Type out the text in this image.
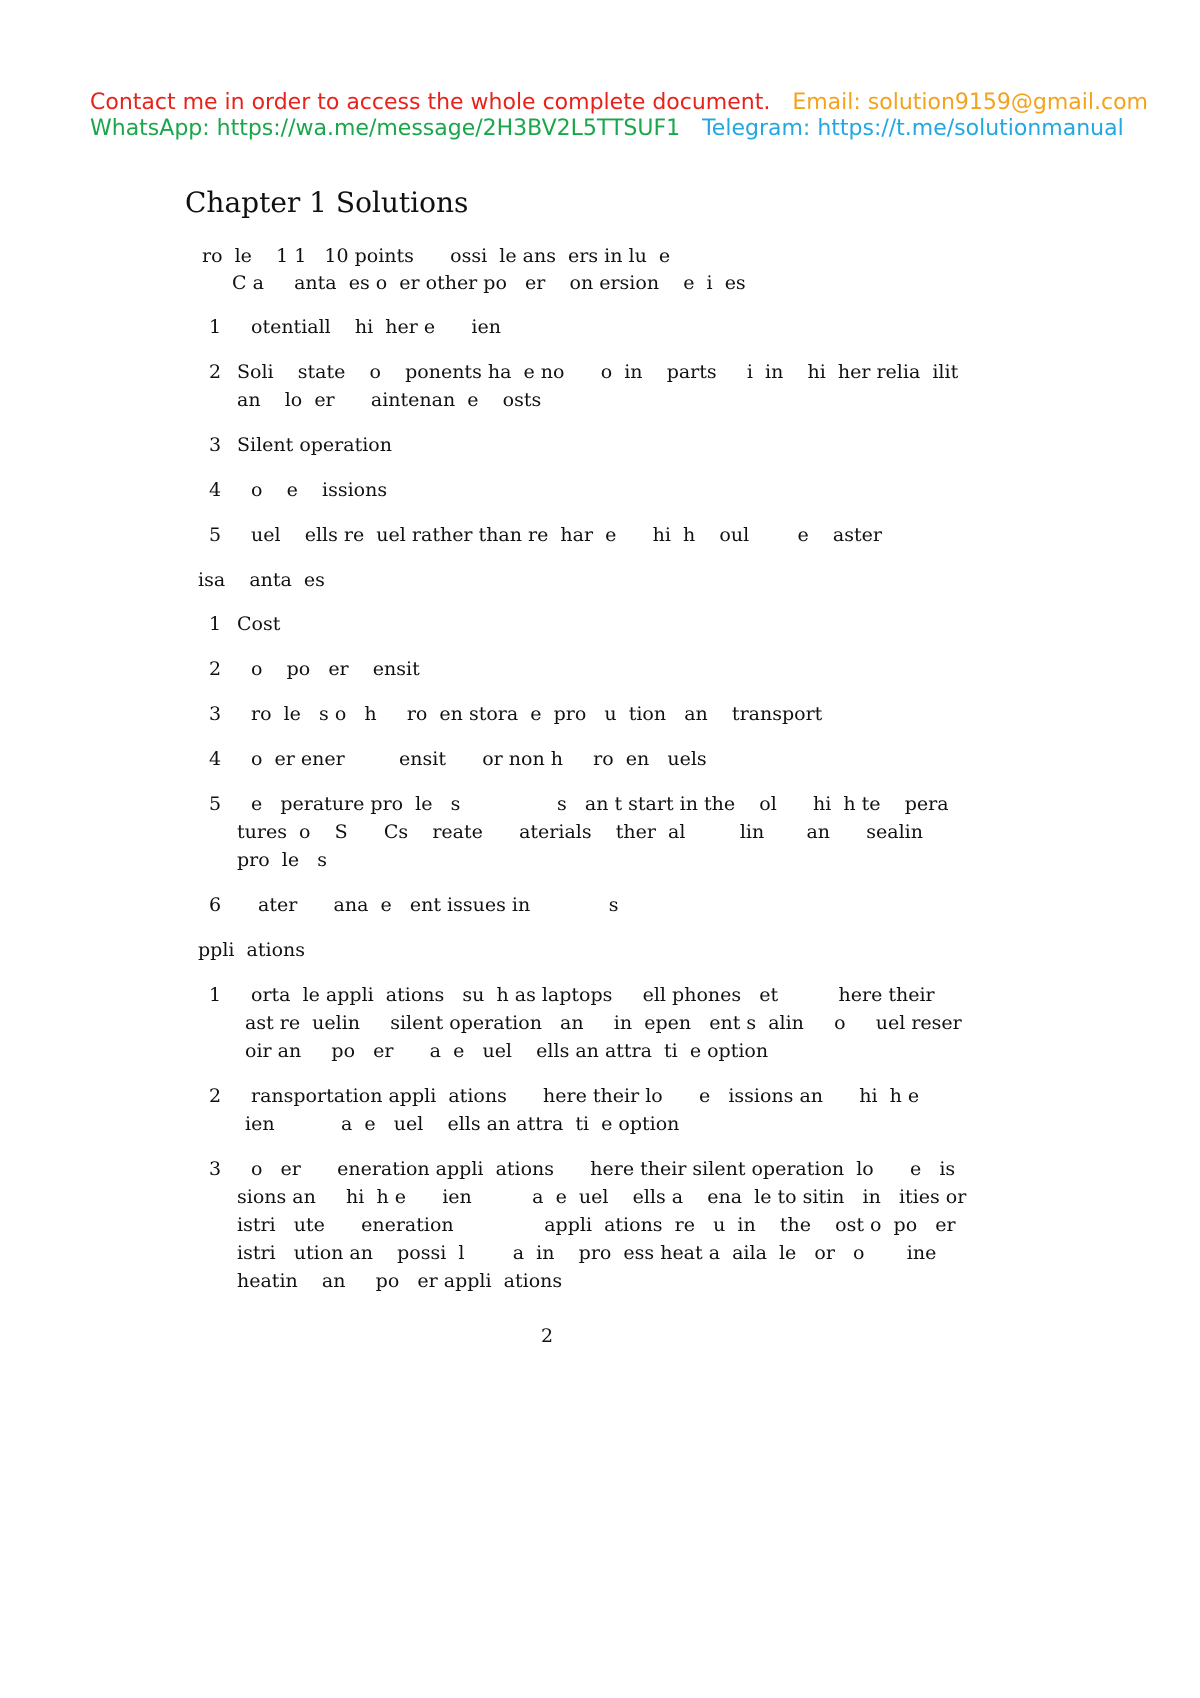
Contact me in order to access the whole complete document. Email: solution9159@gmail.com
WhatsApp: https://wa.me/message/2H3BV2L5TTSUF1 Telegram: https://t.me/solutionmanual
Chapter 1 Solutions
ro  le    1 1   10 points      ossi  le ans  ers in lu  e
C a     anta  es o  er other po   er    on ersion    e  i  es
1 otentiall    hi  her e      ien
2 Soli    state    o    ponents ha  e no      o  in    parts     i  in    hi  her relia  ilit
an    lo  er      aintenan  e    osts
3 Silent operation
4 o    e    issions
5 uel    ells re  uel rather than re  har  e      hi  h    oul        e    aster
isa    anta  es
1 Cost
2 o    po   er    ensit
3 ro  le   s o   h     ro  en stora  e  pro   u  tion   an    transport
4 o  er ener         ensit      or non h     ro  en   uels
5 e   perature pro  le   s                s   an t start in the    ol      hi  h te    pera
tures  o    S      Cs    reate      aterials    ther  al         lin       an      sealin
pro  le   s
6 ater      ana  e   ent issues in             s
ppli  ations
1 orta  le appli  ations   su  h as laptops     ell phones   et          here their
ast re  uelin     silent operation   an     in  epen   ent s  alin     o     uel reser
oir an     po   er      a  e   uel    ells an attra  ti  e option
2 ransportation appli  ations      here their lo      e   issions an      hi  h e
ien           a  e   uel    ells an attra  ti  e option
3 o   er      eneration appli  ations      here their silent operation  lo      e   is
sions an     hi  h e      ien          a  e  uel    ells a    ena  le to sitin   in   ities or
istri   ute      eneration               appli  ations  re   u  in    the    ost o  po   er
istri   ution an    possi  l        a  in    pro  ess heat a  aila  le   or   o       ine
heatin    an     po   er appli  ations
2
